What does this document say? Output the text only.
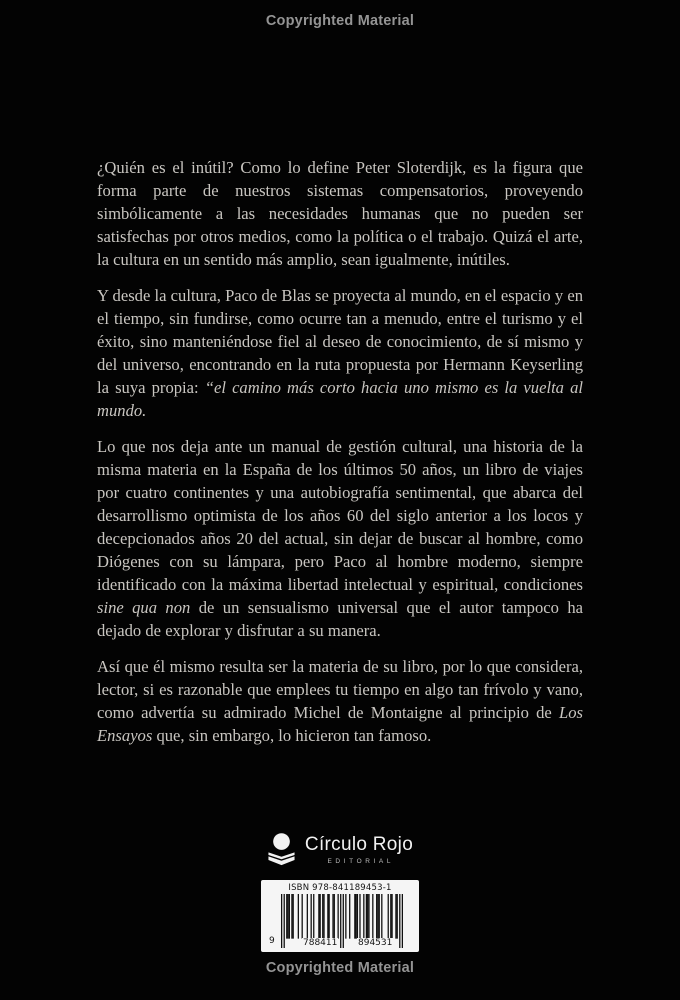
Copyrighted Material

¿Quién es el inútil? Como lo define Peter Sloterdijk, es la figura que forma parte de nuestros sistemas compensatorios, proveyendo simbólicamente a las necesidades humanas que no pueden ser satisfechas por otros medios, como la política o el trabajo. Quizá el arte, la cultura en un sentido más amplio, sean igualmente, inútiles.

Y desde la cultura, Paco de Blas se proyecta al mundo, en el espacio y en el tiempo, sin fundirse, como ocurre tan a menudo, entre el turismo y el éxito, sino manteniéndose fiel al deseo de conocimiento, de sí mismo y del universo, encontrando en la ruta propuesta por Hermann Keyserling la suya propia: “el camino más corto hacia uno mismo es la vuelta al mundo.

Lo que nos deja ante un manual de gestión cultural, una historia de la misma materia en la España de los últimos 50 años, un libro de viajes por cuatro continentes y una autobiografía sentimental, que abarca del desarrollismo optimista de los años 60 del siglo anterior a los locos y decepcionados años 20 del actual, sin dejar de buscar al hombre, como Diógenes con su lámpara, pero Paco al hombre moderno, siempre identificado con la máxima libertad intelectual y espiritual, condiciones sine qua non de un sensualismo universal que el autor tampoco ha dejado de explorar y disfrutar a su manera.

Así que él mismo resulta ser la materia de su libro, por lo que considera, lector, si es razonable que emplees tu tiempo en algo tan frívolo y vano, como advertía su admirado Michel de Montaigne al principio de Los Ensayos que, sin embargo, lo hicieron tan famoso.

Círculo Rojo
EDITORIAL
ISBN 978-841189453-1
9	788411 894531
Copyrighted Material
